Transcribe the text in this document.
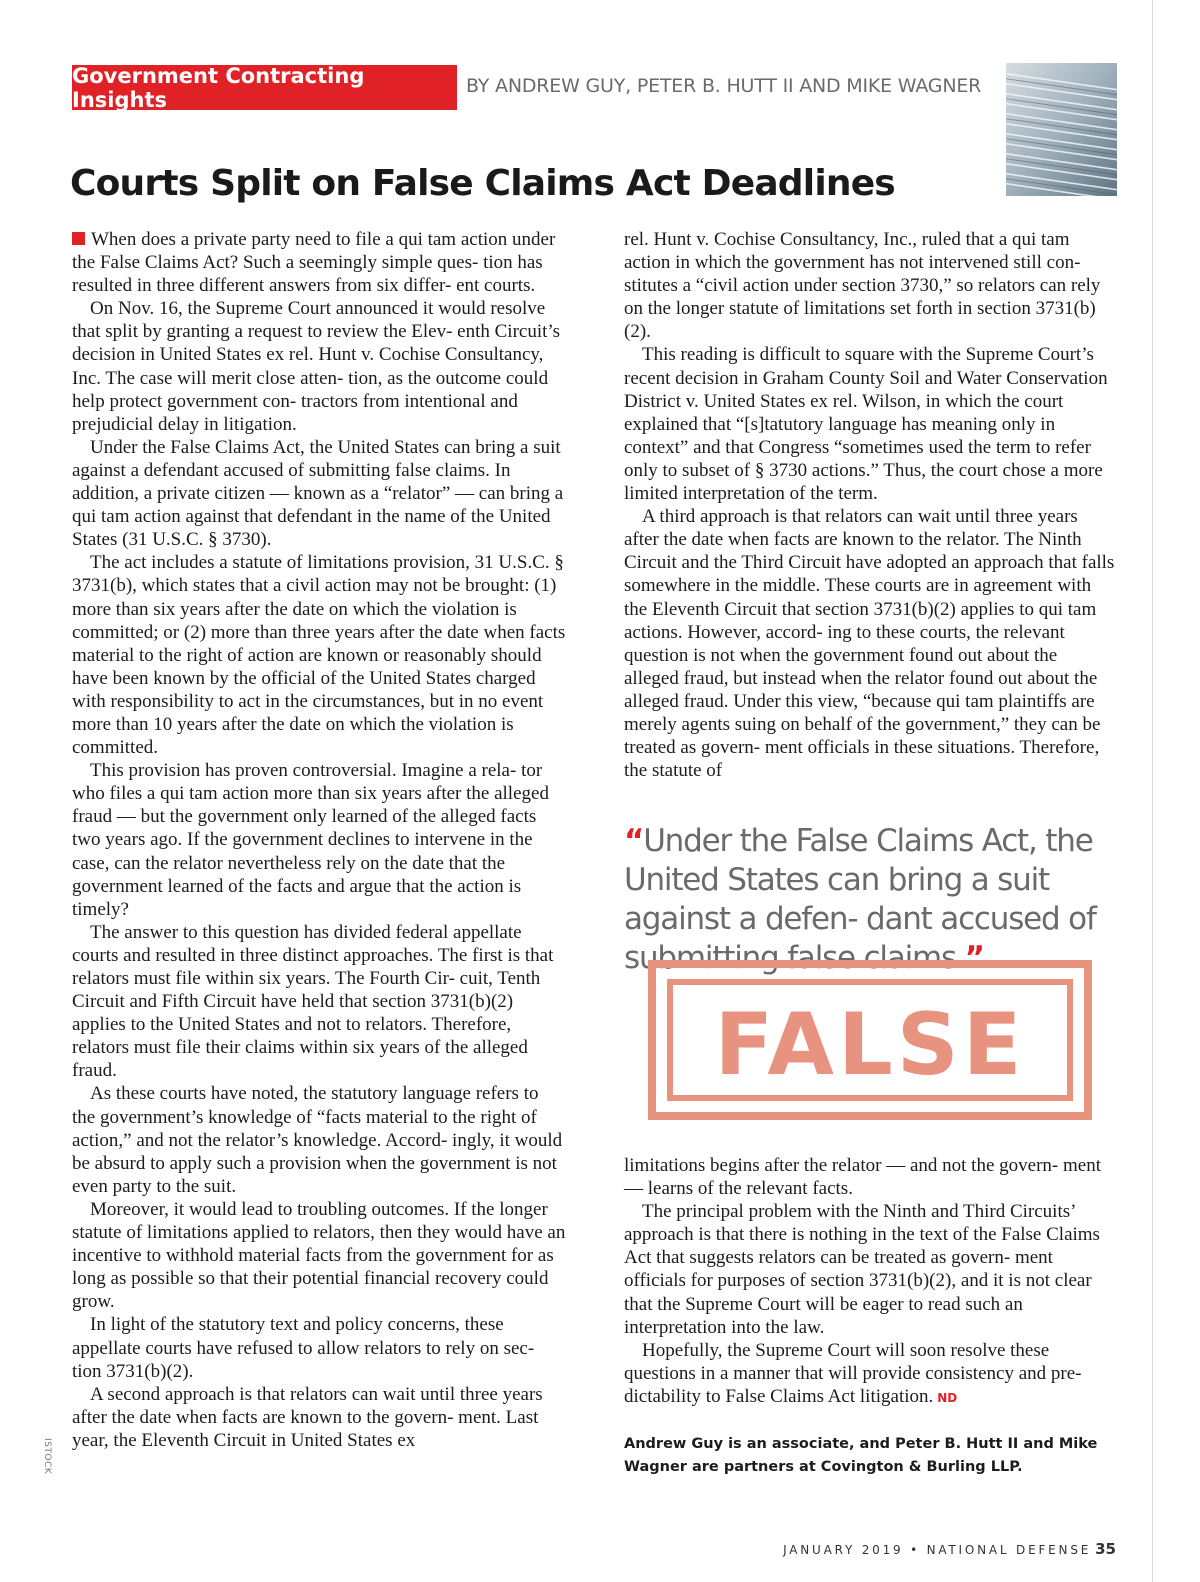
Government Contracting Insights
BY ANDREW GUY, PETER B. HUTT II AND MIKE WAGNER
Courts Split on False Claims Act Deadlines

When does a private party need to file a qui tam action under the False Claims Act? Such a seemingly simple ques- tion has resulted in three different answers from six differ- ent courts.

On Nov. 16, the Supreme Court announced it would resolve that split by granting a request to review the Elev- enth Circuit’s decision in United States ex rel. Hunt v. Cochise Consultancy, Inc. The case will merit close atten- tion, as the outcome could help protect government con- tractors from intentional and prejudicial delay in litigation.

Under the False Claims Act, the United States can bring a suit against a defendant accused of submitting false claims. In addition, a private citizen — known as a “relator” — can bring a qui tam action against that defendant in the name of the United States (31 U.S.C. § 3730).

The act includes a statute of limitations provision, 31 U.S.C. § 3731(b), which states that a civil action may not be brought: (1) more than six years after the date on which the violation is committed; or (2) more than three years after the date when facts material to the right of action are known or reasonably should have been known by the official of the United States charged with responsibility to act in the circumstances, but in no event more than 10 years after the date on which the violation is committed.

This provision has proven controversial. Imagine a rela- tor who files a qui tam action more than six years after the alleged fraud — but the government only learned of the alleged facts two years ago. If the government declines to intervene in the case, can the relator nevertheless rely on the date that the government learned of the facts and argue that the action is timely?

The answer to this question has divided federal appellate courts and resulted in three distinct approaches. The first is that relators must file within six years. The Fourth Cir- cuit, Tenth Circuit and Fifth Circuit have held that section 3731(b)(2) applies to the United States and not to relators. Therefore, relators must file their claims within six years of the alleged fraud.

As these courts have noted, the statutory language refers to the government’s knowledge of “facts material to the right of action,” and not the relator’s knowledge. Accord- ingly, it would be absurd to apply such a provision when the government is not even party to the suit.

Moreover, it would lead to troubling outcomes. If the longer statute of limitations applied to relators, then they would have an incentive to withhold material facts from the government for as long as possible so that their potential financial recovery could grow.

In light of the statutory text and policy concerns, these appellate courts have refused to allow relators to rely on sec- tion 3731(b)(2).

A second approach is that relators can wait until three years after the date when facts are known to the govern- ment. Last year, the Eleventh Circuit in United States ex

rel. Hunt v. Cochise Consultancy, Inc., ruled that a qui tam action in which the government has not intervened still con- stitutes a “civil action under section 3730,” so relators can rely on the longer statute of limitations set forth in section 3731(b)(2).

This reading is difficult to square with the Supreme Court’s recent decision in Graham County Soil and Water Conservation District v. United States ex rel. Wilson, in which the court explained that “[s]tatutory language has meaning only in context” and that Congress “sometimes used the term to refer only to subset of § 3730 actions.” Thus, the court chose a more limited interpretation of the term.

A third approach is that relators can wait until three years after the date when facts are known to the relator. The Ninth Circuit and the Third Circuit have adopted an approach that falls somewhere in the middle. These courts are in agreement with the Eleventh Circuit that section 3731(b)(2) applies to qui tam actions. However, accord- ing to these courts, the relevant question is not when the government found out about the alleged fraud, but instead when the relator found out about the alleged fraud. Under this view, “because qui tam plaintiffs are merely agents suing on behalf of the government,” they can be treated as govern- ment officials in these situations. Therefore, the statute of

“Under the False Claims Act, the United States can bring a suit against a defen- dant accused of submitting false claims.”
FALSE

limitations begins after the relator — and not the govern- ment — learns of the relevant facts.

The principal problem with the Ninth and Third Circuits’ approach is that there is nothing in the text of the False Claims Act that suggests relators can be treated as govern- ment officials for purposes of section 3731(b)(2), and it is not clear that the Supreme Court will be eager to read such an interpretation into the law.

Hopefully, the Supreme Court will soon resolve these questions in a manner that will provide consistency and pre- dictability to False Claims Act litigation. ND

Andrew Guy is an associate, and Peter B. Hutt II and Mike Wagner are partners at Covington & Burling LLP.
ISTOCK
JANUARY 2019 • NATIONAL DEFENSE 35
